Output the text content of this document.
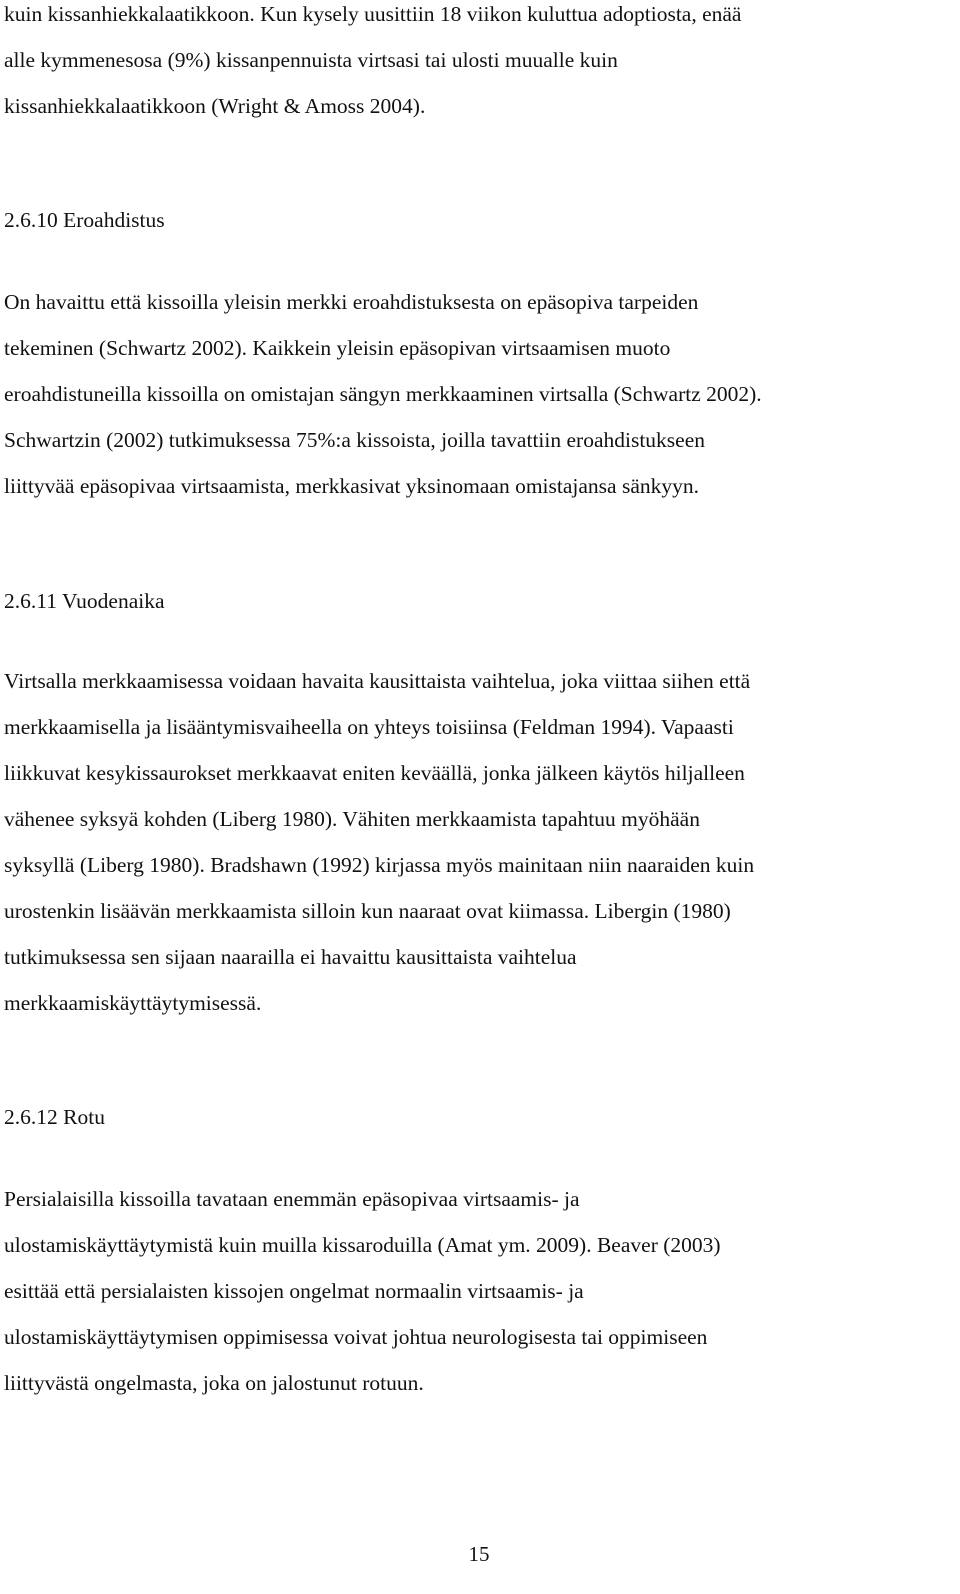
kuin kissanhiekkalaatikkoon. Kun kysely uusittiin 18 viikon kuluttua adoptiosta, enää
alle kymmenesosa (9%) kissanpennuista virtsasi tai ulosti muualle kuin
kissanhiekkalaatikkoon (Wright & Amoss 2004).
2.6.10 Eroahdistus
On havaittu että kissoilla yleisin merkki eroahdistuksesta on epäsopiva tarpeiden
tekeminen (Schwartz 2002). Kaikkein yleisin epäsopivan virtsaamisen muoto
eroahdistuneilla kissoilla on omistajan sängyn merkkaaminen virtsalla (Schwartz 2002).
Schwartzin (2002) tutkimuksessa 75%:a kissoista, joilla tavattiin eroahdistukseen
liittyvää epäsopivaa virtsaamista, merkkasivat yksinomaan omistajansa sänkyyn.
2.6.11 Vuodenaika
Virtsalla merkkaamisessa voidaan havaita kausittaista vaihtelua, joka viittaa siihen että
merkkaamisella ja lisääntymisvaiheella on yhteys toisiinsa (Feldman 1994). Vapaasti
liikkuvat kesykissaurokset merkkaavat eniten keväällä, jonka jälkeen käytös hiljalleen
vähenee syksyä kohden (Liberg 1980). Vähiten merkkaamista tapahtuu myöhään
syksyllä (Liberg 1980). Bradshawn (1992) kirjassa myös mainitaan niin naaraiden kuin
urostenkin lisäävän merkkaamista silloin kun naaraat ovat kiimassa. Libergin (1980)
tutkimuksessa sen sijaan naarailla ei havaittu kausittaista vaihtelua
merkkaamiskäyttäytymisessä.
2.6.12 Rotu
Persialaisilla kissoilla tavataan enemmän epäsopivaa virtsaamis- ja
ulostamiskäyttäytymistä kuin muilla kissaroduilla (Amat ym. 2009). Beaver (2003)
esittää että persialaisten kissojen ongelmat normaalin virtsaamis- ja
ulostamiskäyttäytymisen oppimisessa voivat johtua neurologisesta tai oppimiseen
liittyvästä ongelmasta, joka on jalostunut rotuun.
15
